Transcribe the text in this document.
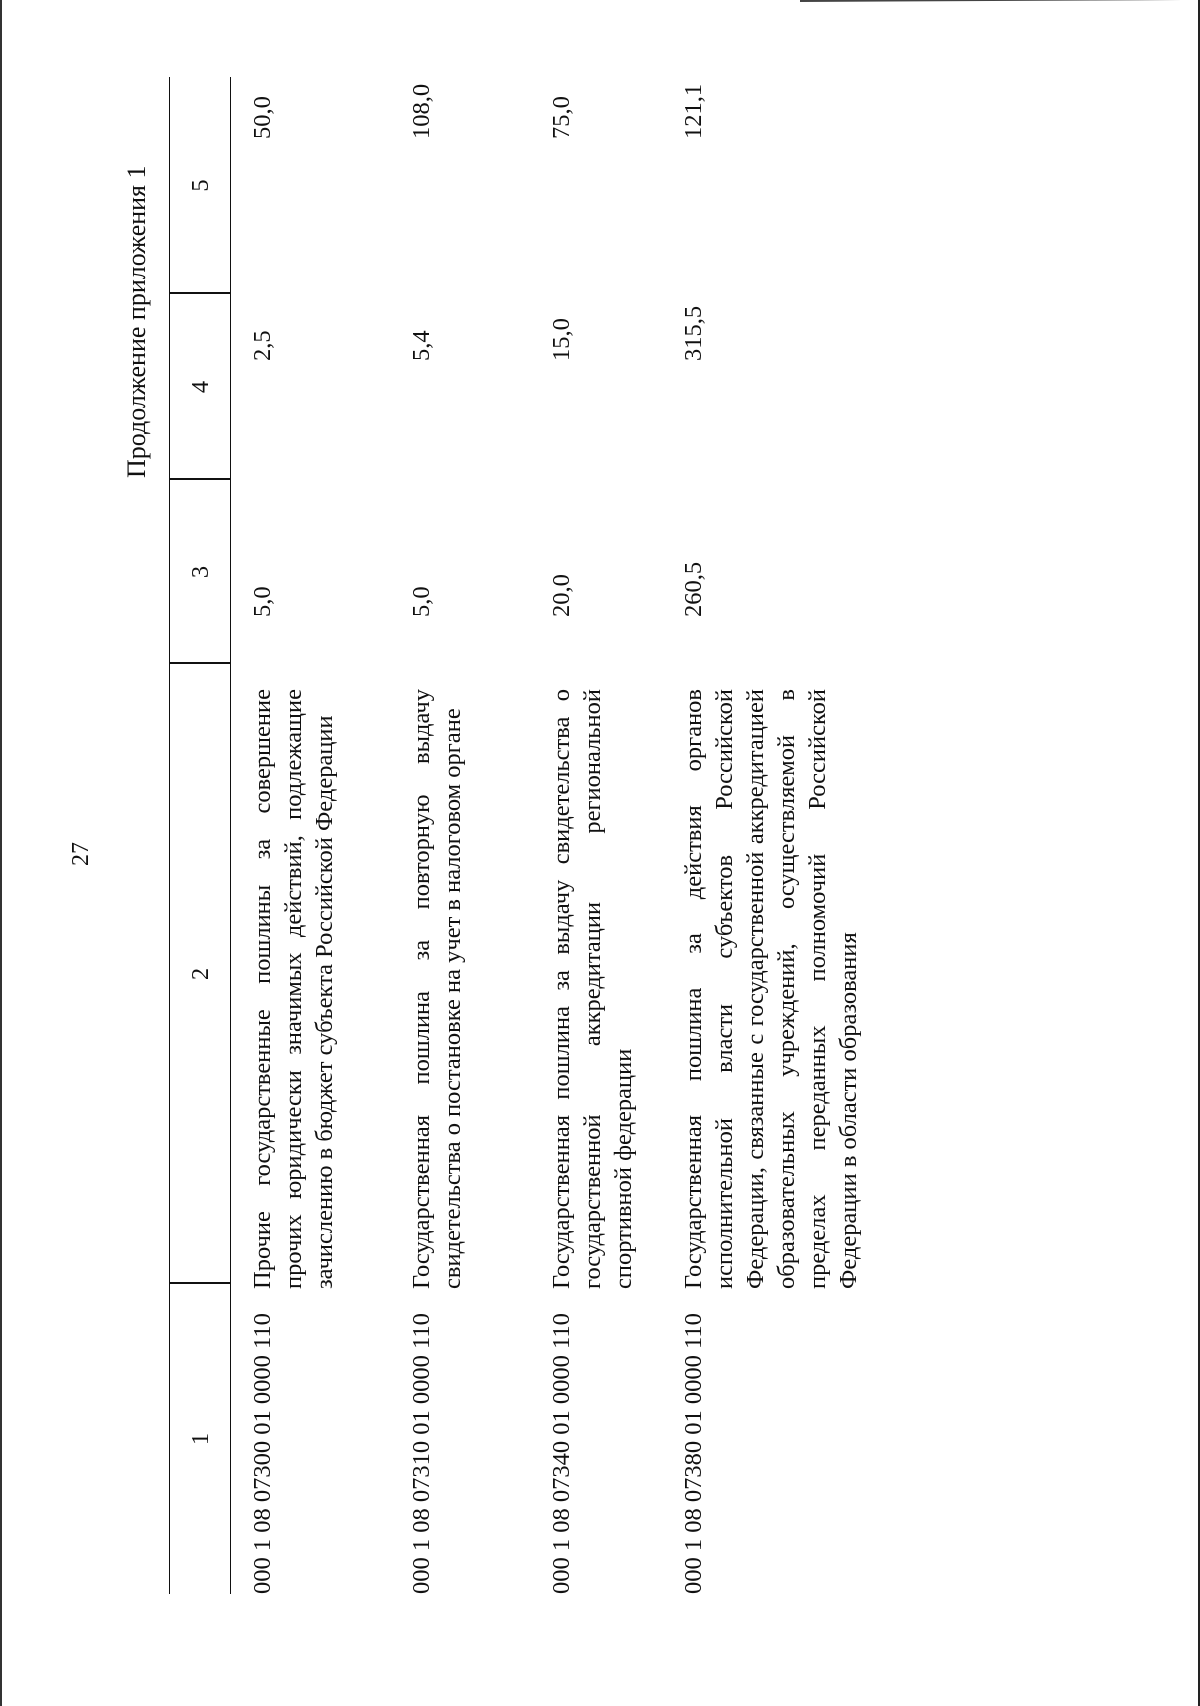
27
Продолжение приложения 1
1
2
3
4
5
000 1 08 07300 01 0000 110
Прочие государственные пошлины за совершение прочих юридически значимых действий, подлежащие зачислению в бюджет субъекта Российской Федерации
5,0
2,5
50,0
000 1 08 07310 01 0000 110
Государственная пошлина за повторную выдачу свидетельства о постановке на учет в налоговом органе
5,0
5,4
108,0
000 1 08 07340 01 0000 110
Государственная пошлина за выдачу свидетельства о государственной аккредитации региональной спортивной федерации
20,0
15,0
75,0
000 1 08 07380 01 0000 110
Государственная пошлина за действия органов исполнительной власти субъектов Российской Федерации, связанные с государственной аккредитацией образовательных учреждений, осуществляемой в пределах переданных полномочий Российской Федерации в области образования
260,5
315,5
121,1
